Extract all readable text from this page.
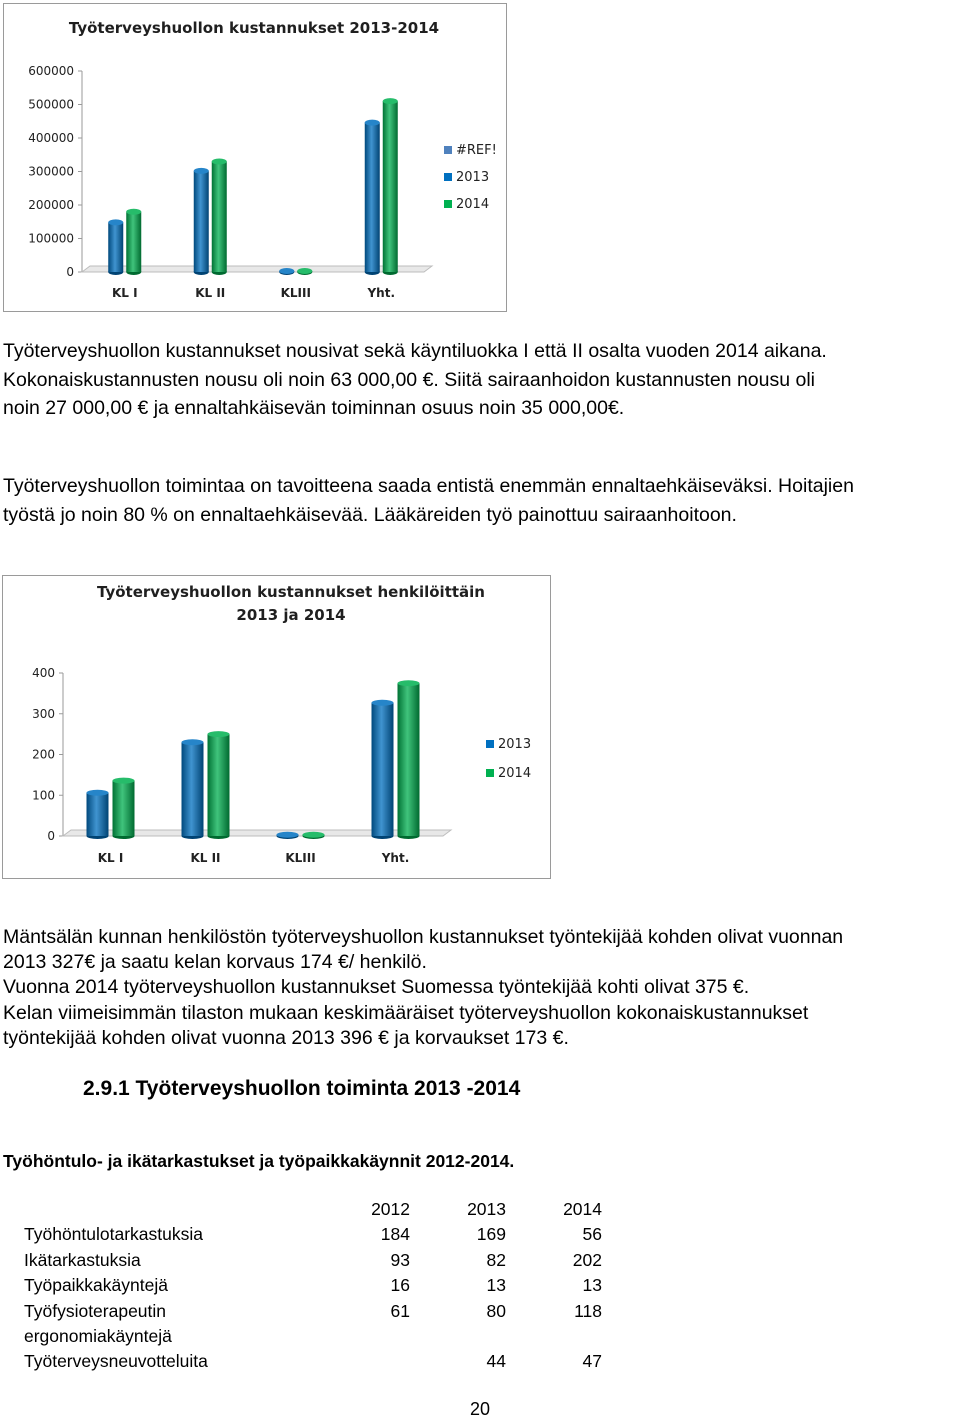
Työterveyshuollon kustannukset 2013-2014
0
100000
200000
300000
400000
500000
600000
KL I	KL II	KLIII	Yht.
#REF!
2013
2014

Työterveyshuollon kustannukset nousivat sekä käyntiluokka I että II osalta vuoden 2014 aikana.
Kokonaiskustannusten nousu oli noin 63 000,00 €. Siitä sairaanhoidon kustannusten nousu oli
noin 27 000,00 € ja ennaltahkäisevän toiminnan osuus noin 35 000,00€.

Työterveyshuollon toimintaa on tavoitteena saada entistä enemmän ennaltaehkäiseväksi. Hoitajien
työstä jo noin 80 % on ennaltaehkäisevää. Lääkäreiden työ painottuu sairaanhoitoon.

Työterveyshuollon kustannukset henkilöittäin
2013 ja 2014
0
100
200
300
400
KL I	KL II	KLIII	Yht.
2013
2014

Mäntsälän kunnan henkilöstön työterveyshuollon kustannukset työntekijää kohden olivat vuonnan
2013 327€ ja saatu kelan korvaus 174 €/ henkilö.
Vuonna 2014 työterveyshuollon kustannukset Suomessa työntekijää kohti olivat 375 €.
Kelan viimeisimmän tilaston mukaan keskimääräiset työterveyshuollon kokonaiskustannukset
työntekijää kohden olivat vuonna 2013 396 € ja korvaukset 173 €.

2.9.1 Työterveyshuollon toiminta 2013 -2014
Työhöntulo- ja ikätarkastukset ja työpaikkakäynnit 2012-2014.
	2012	2013	2014
Työhöntulotarkastuksia	184	169	56
Ikätarkastuksia	93	82	202
Työpaikkakäyntejä	16	13	13
Työfysioterapeutin	61	80	118
ergonomiakäyntejä			
Työterveysneuvotteluita		44	47
20
